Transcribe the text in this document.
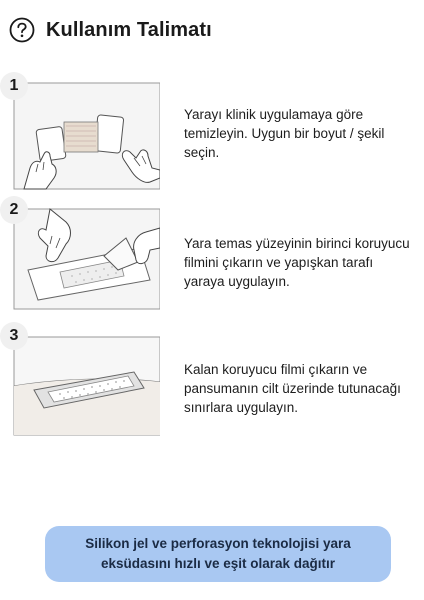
Kullanım Talimatı
1
Yarayı klinik uygulamaya göre temizleyin. Uygun bir boyut / şekil seçin.
2
Yara temas yüzeyinin birinci koruyucu filmini çıkarın ve yapışkan tarafı yaraya uygulayın.
3
Kalan koruyucu filmi çıkarın ve pansumanın cilt üzerinde tutunacağı sınırlara uygulayın.
Silikon jel ve perforasyon teknolojisi yara eksüdasını hızlı ve eşit olarak dağıtır
